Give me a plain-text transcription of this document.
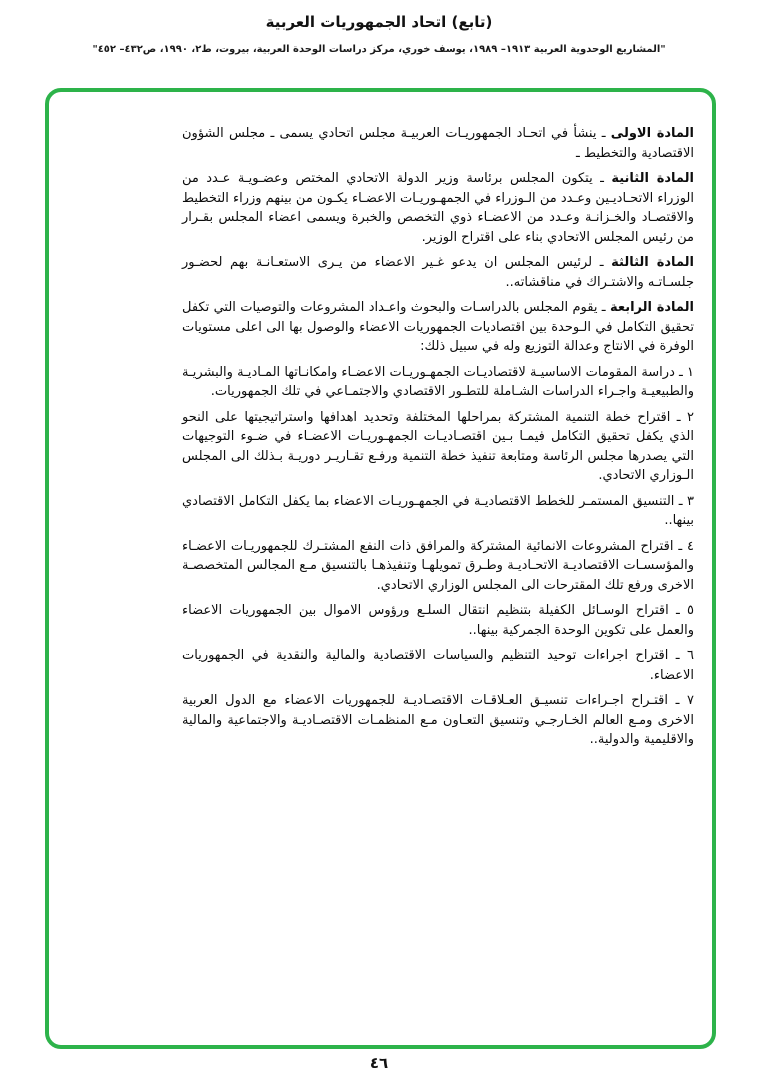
(تابع) اتحاد الجمهوريات العربية
"المشاريع الوحدوية العربية ١٩١٣– ١٩٨٩، يوسف خوري، مركز دراسات الوحدة العربية، بيروت، ط٢، ١٩٩٠، ص٤٣٢– ٤٥٢"

المادة الاولى ـ ينشأ في اتحـاد الجمهوريـات العربيـة مجلس اتحادي يسمى ـ مجلس الشؤون الاقتصادية والتخطيط ـ

المادة الثانية ـ يتكون المجلس برئاسة وزير الدولة الاتحادي المختص وعضـويـة عـدد من الوزراء الاتحـاديـين وعـدد من الـوزراء في الجمهـوريـات الاعضـاء يكـون من بينهم وزراء التخطيط والاقتصـاد والخـزانـة وعـدد من الاعضـاء ذوي التخصص والخبرة ويسمى اعضاء المجلس بقـرار من رئيس المجلس الاتحادي بناء على اقتراح الوزير.

المادة الثالثة ـ لرئيس المجلس ان يدعو غـير الاعضاء من يـرى الاستعـانـة بهم لحضـور جلسـاتـه والاشتـراك في مناقشاته..

المادة الرابعة ـ يقوم المجلس بالدراسـات والبحوث واعـداد المشروعات والتوصيات التي تكفل تحقيق التكامل في الـوحدة بين اقتصاديات الجمهوريات الاعضاء والوصول بها الى اعلى مستويات الوفرة في الانتاج وعدالة التوزيع وله في سبيل ذلك:

١ ـ دراسة المقومات الاساسيـة لاقتصاديـات الجمهـوريـات الاعضـاء وامكانـاتها المـاديـة والبشريـة والطبيعيـة واجـراء الدراسات الشـاملة للتطـور الاقتصادي والاجتمـاعي في تلك الجمهوريات.

٢ ـ اقتراح خطة التنمية المشتركة بمراحلها المختلفة وتحديد اهدافها واستراتيجيتها على النحو الذي يكفل تحقيق التكامل فيمـا بـين اقتصـاديـات الجمهـوريـات الاعضـاء في ضـوء التوجيهات التي يصدرها مجلس الرئاسة ومتابعة تنفيذ خطة التنمية ورفـع تقـاريـر دوريـة بـذلك الى المجلس الـوزاري الاتحادي.

٣ ـ التنسيق المستمـر للخطط الاقتصاديـة في الجمهـوريـات الاعضاء بما يكفل التكامل الاقتصادي بينها..

٤ ـ اقتراح المشروعات الانمائية المشتركة والمرافق ذات النفع المشتـرك للجمهوريـات الاعضـاء والمؤسسـات الاقتصاديـة الاتحـاديـة وطـرق تمويلهـا وتنفيذهـا بالتنسيق مـع المجالس المتخصصـة الاخرى ورفع تلك المقترحات الى المجلس الوزاري الاتحادي.

٥ ـ اقتراح الوسـائل الكفيلة بتنظيم انتقال السلـع ورؤوس الاموال بين الجمهوريات الاعضاء والعمل على تكوين الوحدة الجمركية بينها..

٦ ـ اقتراح اجراءات توحيد التنظيم والسياسات الاقتصادية والمالية والنقدية في الجمهوريات الاعضاء.

٧ ـ اقتـراح اجـراءات تنسيـق العـلاقـات الاقتصـاديـة للجمهوريات الاعضاء مع الدول العربية الاخرى ومـع العالم الخـارجـي وتنسيق التعـاون مـع المنظمـات الاقتصـاديـة والاجتماعية والمالية والاقليمية والدولية..

٤٦
